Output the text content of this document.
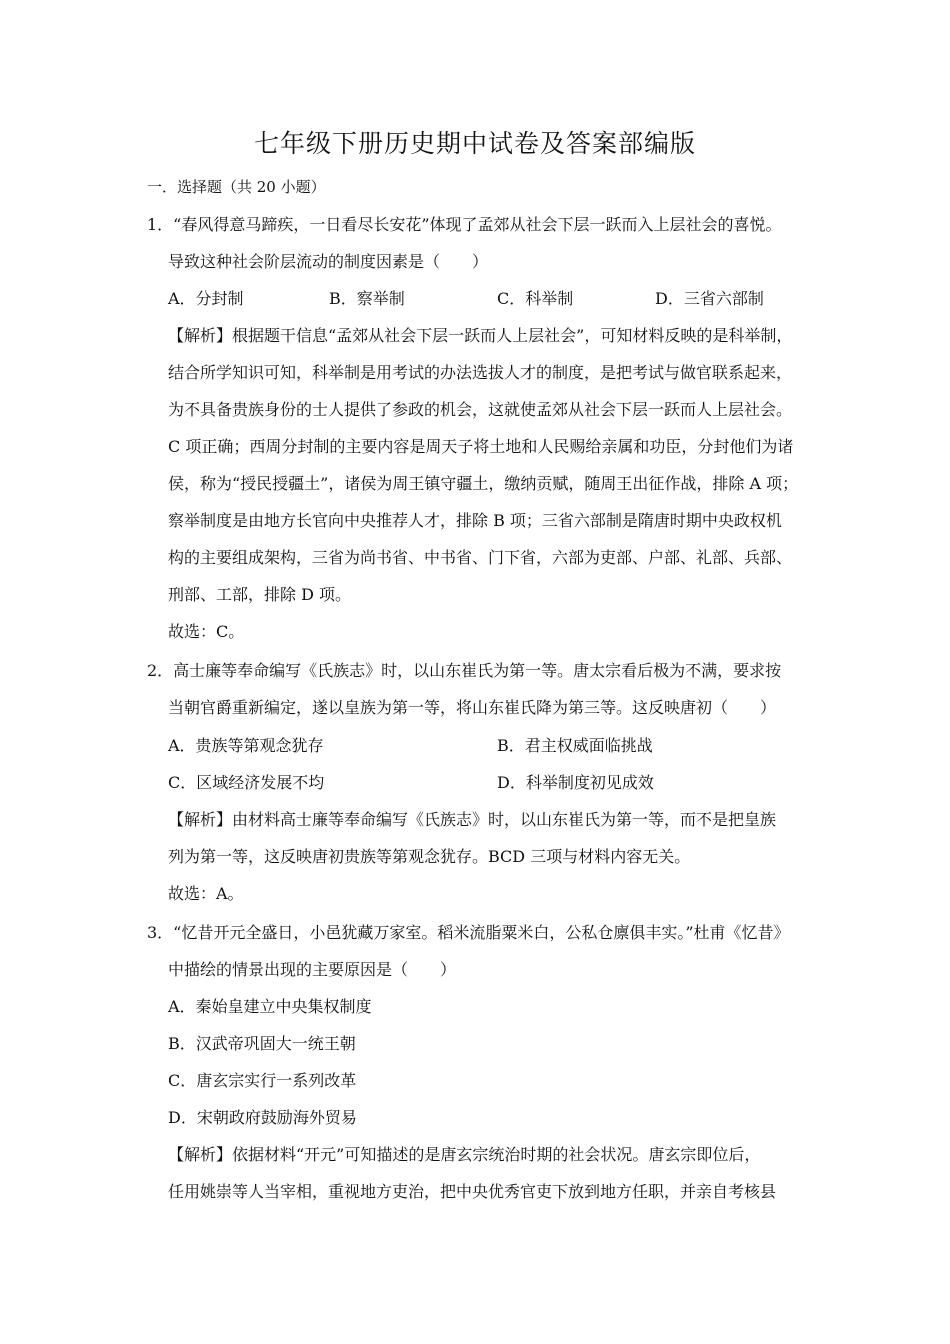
七年级下册历史期中试卷及答案部编版
一．选择题（共 20 小题）
1．“春风得意马蹄疾，一日看尽长安花”体现了孟郊从社会下层一跃而入上层社会的喜悦。
导致这种社会阶层流动的制度因素是（　　）
A．分封制	B．察举制	C．科举制	D．三省六部制
【解析】根据题干信息“孟郊从社会下层一跃而人上层社会”，可知材料反映的是科举制，
结合所学知识可知，科举制是用考试的办法选拔人才的制度，是把考试与做官联系起来，
为不具备贵族身份的士人提供了参政的机会，这就使孟郊从社会下层一跃而人上层社会。
C 项正确；西周分封制的主要内容是周天子将土地和人民赐给亲属和功臣，分封他们为诸
侯，称为“授民授疆土”，诸侯为周王镇守疆土，缴纳贡赋，随周王出征作战，排除 A 项；
察举制度是由地方长官向中央推荐人才，排除 B 项；三省六部制是隋唐时期中央政权机
构的主要组成架构，三省为尚书省、中书省、门下省，六部为吏部、户部、礼部、兵部、
刑部、工部，排除 D 项。
故选：C。
2．高士廉等奉命编写《氏族志》时，以山东崔氏为第一等。唐太宗看后极为不满，要求按
当朝官爵重新编定，遂以皇族为第一等，将山东崔氏降为第三等。这反映唐初（　　）
A．贵族等第观念犹存	B．君主权威面临挑战
C．区域经济发展不均	D．科举制度初见成效
【解析】由材料高士廉等奉命编写《氏族志》时，以山东崔氏为第一等，而不是把皇族
列为第一等，这反映唐初贵族等第观念犹存。BCD 三项与材料内容无关。
故选：A。
3．“忆昔开元全盛日，小邑犹藏万家室。稻米流脂粟米白，公私仓廪俱丰实。”杜甫《忆昔》
中描绘的情景出现的主要原因是（　　）
A．秦始皇建立中央集权制度
B．汉武帝巩固大一统王朝
C．唐玄宗实行一系列改革
D．宋朝政府鼓励海外贸易
【解析】依据材料“开元”可知描述的是唐玄宗统治时期的社会状况。唐玄宗即位后，
任用姚崇等人当宰相，重视地方吏治，把中央优秀官吏下放到地方任职，并亲自考核县
